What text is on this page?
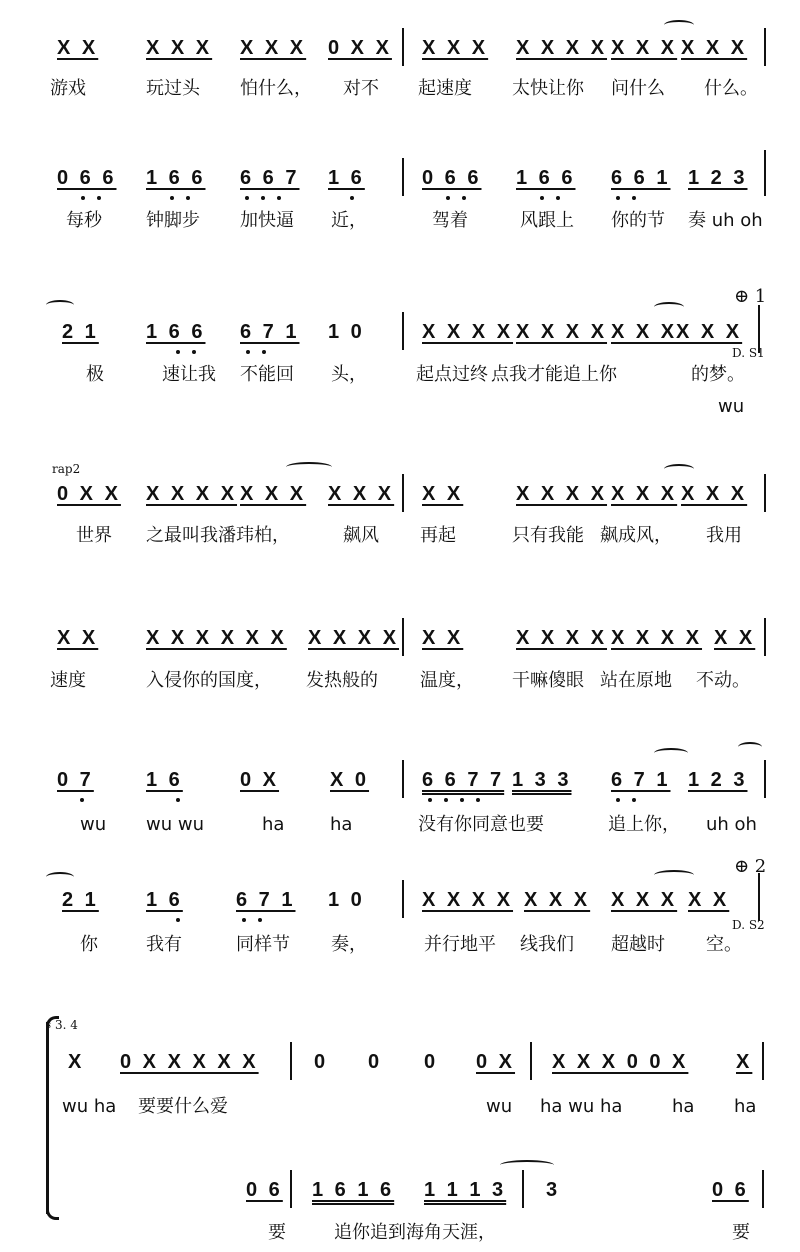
X X X X X X X X 0 X X X X X X X X X X X X X X X
游戏	玩过头 怕什么， 对不 起速度 太快让你 问什么 什么。
0 6 6 1 6 6 6 6 7 1 6	0 6 6 1 6 6 6 6 1 1 2 3
每秒 钟脚步 加快逼 近，	驾着	风跟上 你的节 奏 uh oh
2 1 1 6 6 6 7 1 1 0	X X X X X X X X X X X
X X X
⊕ 1
D. S1
极	速让我 不能回 头，	起点过终 点我才能追上你	的梦。
wu
rap2
0 X X X X X X X X X X X X X X	X X X X X X X X X X
世界 之最叫我潘玮柏，	飙风 再起	只有我能 飙成风， 我用
X X X X X X X X X X X X X X	X X X X X X X X X X
速度	入侵你的国度， 发热般的 温度， 干嘛傻眼 站在原地 不动。
0 7	1 6	0 X	X 0	6 6 7 7 1 3 3 6 7 1 1 2 3
wu wu wu	ha	ha	没有你同意也要	追上你， uh oh
2 1 1 6	6 7 1 1 0	X X X X X X X X X X X X
⊕ 2
D. S2
你	我有	同样节 奏，	并行地平 线我们 超越时 空。
𝄋 3. 4
X 0 X X X X X	0 0 0 0 X X X X 0 0 X X
wu ha 要要什么爱	wu ha wu ha	ha ha
0 6 1 6 1 6 1 1 1 3 3	0 6
要	追你追到海角天涯，	要
